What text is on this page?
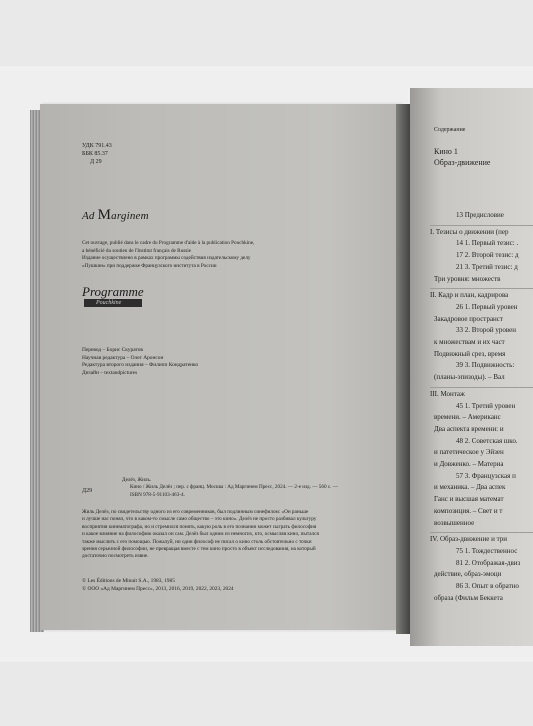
УДК 791.43
ББК 85.37
Д 29
Ad Marginem
Cet ouvrage, publié dans le cadre du Programme d'aide à la publication Pouchkine,
a bénéficié du soutien de l'Institut français de Russie
Издание осуществлено в рамках программы содействия издательскому делу
«Пушкин» при поддержке Французского института в России
Programme
Pouchkine
Перевод – Борис Скуратов
Научная редактура – Олег Аронсон
Редактура второго издания – Филипп Кондратенко
Дизайн – textandpictures
Д29
Делёз, Жиль.
Кино / Жиль Делёз ; пер. с франц. Москва : Ад Маргинем Пресс, 2024. — 2-е изд. — 560 с. —
ISBN 978-5-91103-463-4.
Жиль Делёз, по свидетельству одного из его современников, был подлинным синефилом: «Он раньше
и лучше нас понял, что в каком-то смысле само общество – это кино». Делёз не просто разбивал культуру
восприятия кинематографа, но и стремился понять, какую роль в его познании может сыграть философия
и какое влияние на философию оказал он сам. Делёз был одним из немногих, кто, осмысляя кино, пытался
также мыслить с его помощью. Пожалуй, ни один философ не писал о кино столь обстоятельно с точки
зрения серьезной философии, не превращая вместе с тем кино просто в объект исследования, на который
достаточно посмотреть извне.
© Les Éditions de Minuit S.A., 1983, 1985
© ООО «Ад Маргинем Пресс», 2013, 2016, 2019, 2022, 2023, 2024
Содержание
Кино 1
Образ-движение
13 Предисловие
I. Тезисы о движении (пер
14 1. Первый тезис: .
17 2. Второй тезис: д
21 3. Третий тезис: д
Три уровня: множеств
II. Кадр и план, кадрирова
26 1. Первый уровен
Закадровое пространст
33 2. Второй уровен
к множествам и их част
Подвижный срез, время
39 3. Подвижность:
(планы-эпизоды). – Вал
III. Монтаж
45 1. Третий уровен
времени. – Американс
Два аспекта времени: и
48 2. Советская шко.
и патетическое у Эйзен
и Довженко. – Материа
57 3. Французская п
и механика. – Два аспек
Ганс и высшая математ
композиция. – Свет и т
возвышенное
IV. Образ-движение и три
75 1. Тождественнос
81 2. Отображая-двиз
действие, образ-эмоци
86 3. Опыт в обратно
образа (Фильм Беккета
